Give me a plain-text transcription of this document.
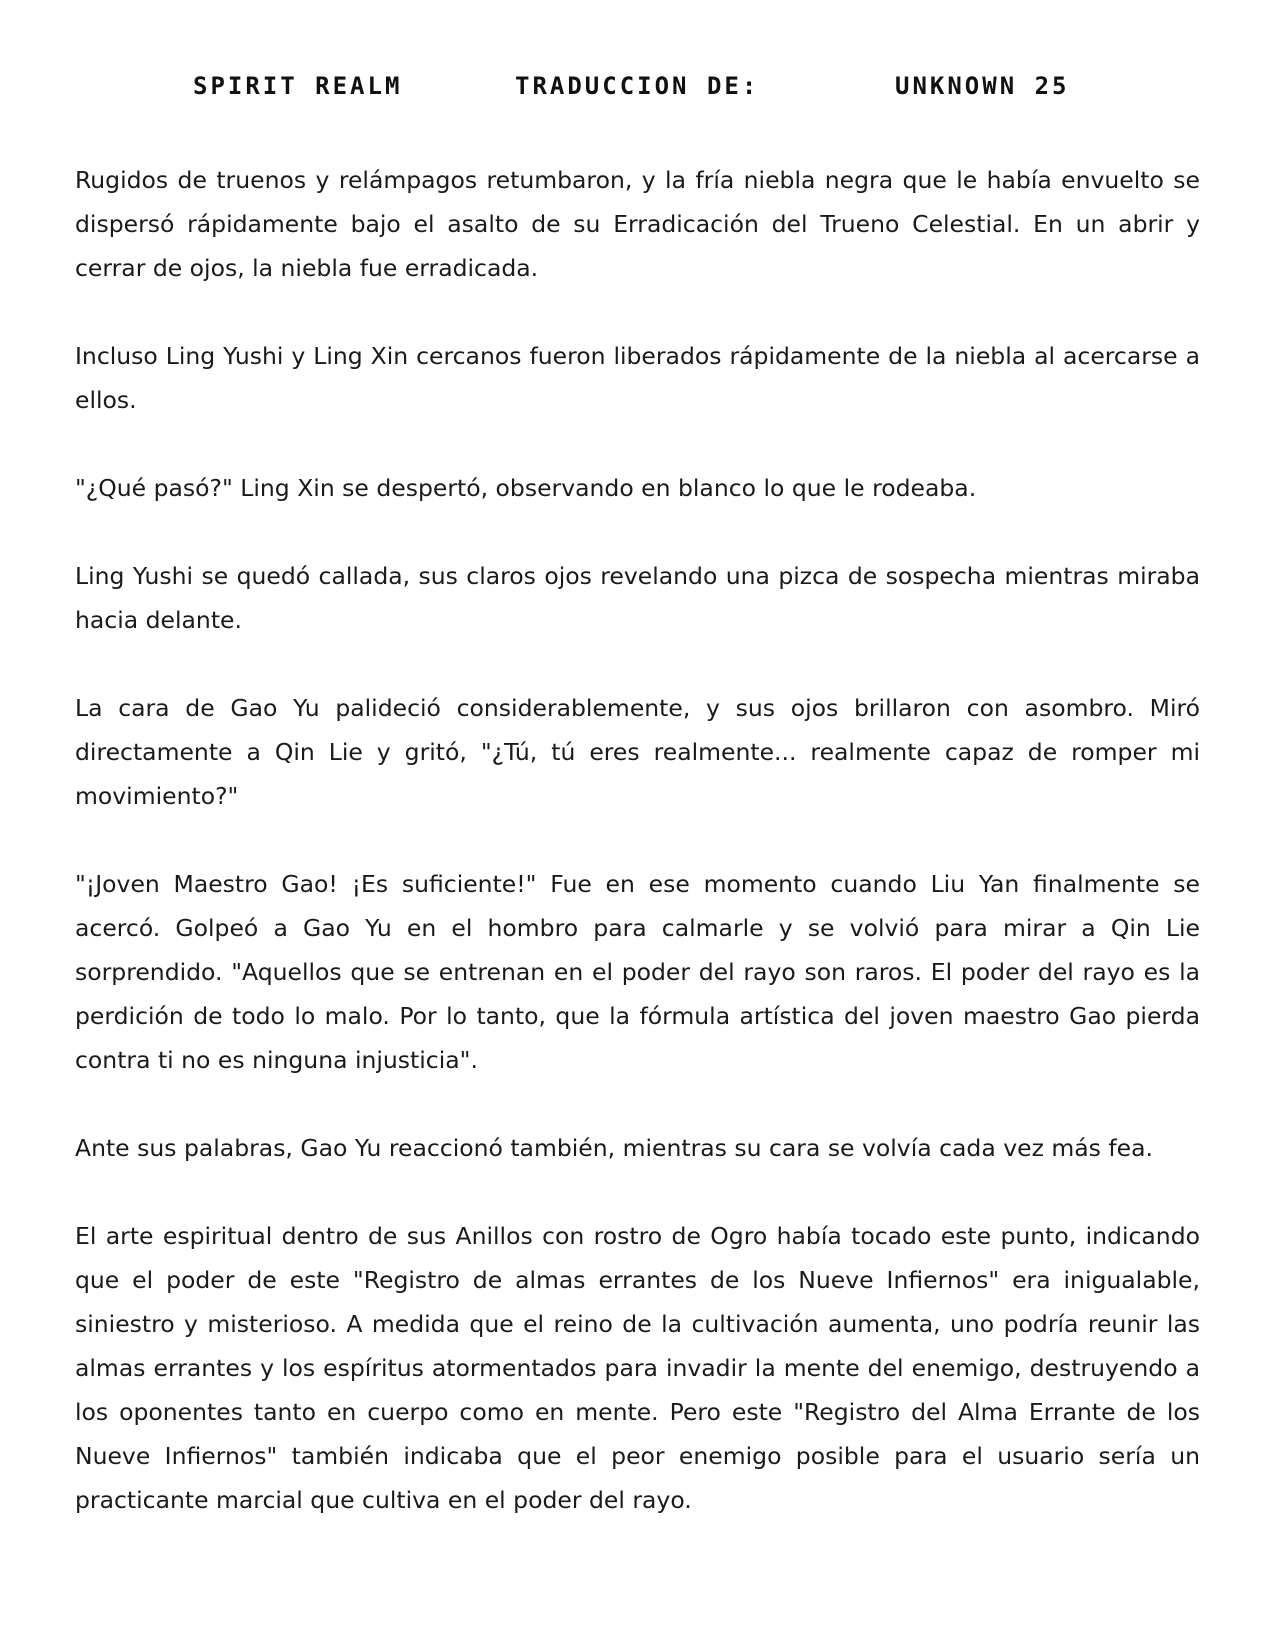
SPIRIT REALM	TRADUCCION DE:	UNKNOWN 25

Rugidos de truenos y relámpagos retumbaron, y la fría niebla negra que le había envuelto se dispersó rápidamente bajo el asalto de su Erradicación del Trueno Celestial. En un abrir y cerrar de ojos, la niebla fue erradicada.

Incluso Ling Yushi y Ling Xin cercanos fueron liberados rápidamente de la niebla al acercarse a ellos.

"¿Qué pasó?" Ling Xin se despertó, observando en blanco lo que le rodeaba.

Ling Yushi se quedó callada, sus claros ojos revelando una pizca de sospecha mientras miraba hacia delante.

La cara de Gao Yu palideció considerablemente, y sus ojos brillaron con asombro. Miró directamente a Qin Lie y gritó, "¿Tú, tú eres realmente... realmente capaz de romper mi movimiento?"

"¡Joven Maestro Gao! ¡Es suficiente!" Fue en ese momento cuando Liu Yan finalmente se acercó. Golpeó a Gao Yu en el hombro para calmarle y se volvió para mirar a Qin Lie sorprendido. "Aquellos que se entrenan en el poder del rayo son raros. El poder del rayo es la perdición de todo lo malo. Por lo tanto, que la fórmula artística del joven maestro Gao pierda contra ti no es ninguna injusticia".

Ante sus palabras, Gao Yu reaccionó también, mientras su cara se volvía cada vez más fea.

El arte espiritual dentro de sus Anillos con rostro de Ogro había tocado este punto, indicando que el poder de este "Registro de almas errantes de los Nueve Infiernos" era inigualable, siniestro y misterioso. A medida que el reino de la cultivación aumenta, uno podría reunir las almas errantes y los espíritus atormentados para invadir la mente del enemigo, destruyendo a los oponentes tanto en cuerpo como en mente. Pero este "Registro del Alma Errante de los Nueve Infiernos" también indicaba que el peor enemigo posible para el usuario sería un practicante marcial que cultiva en el poder del rayo.
